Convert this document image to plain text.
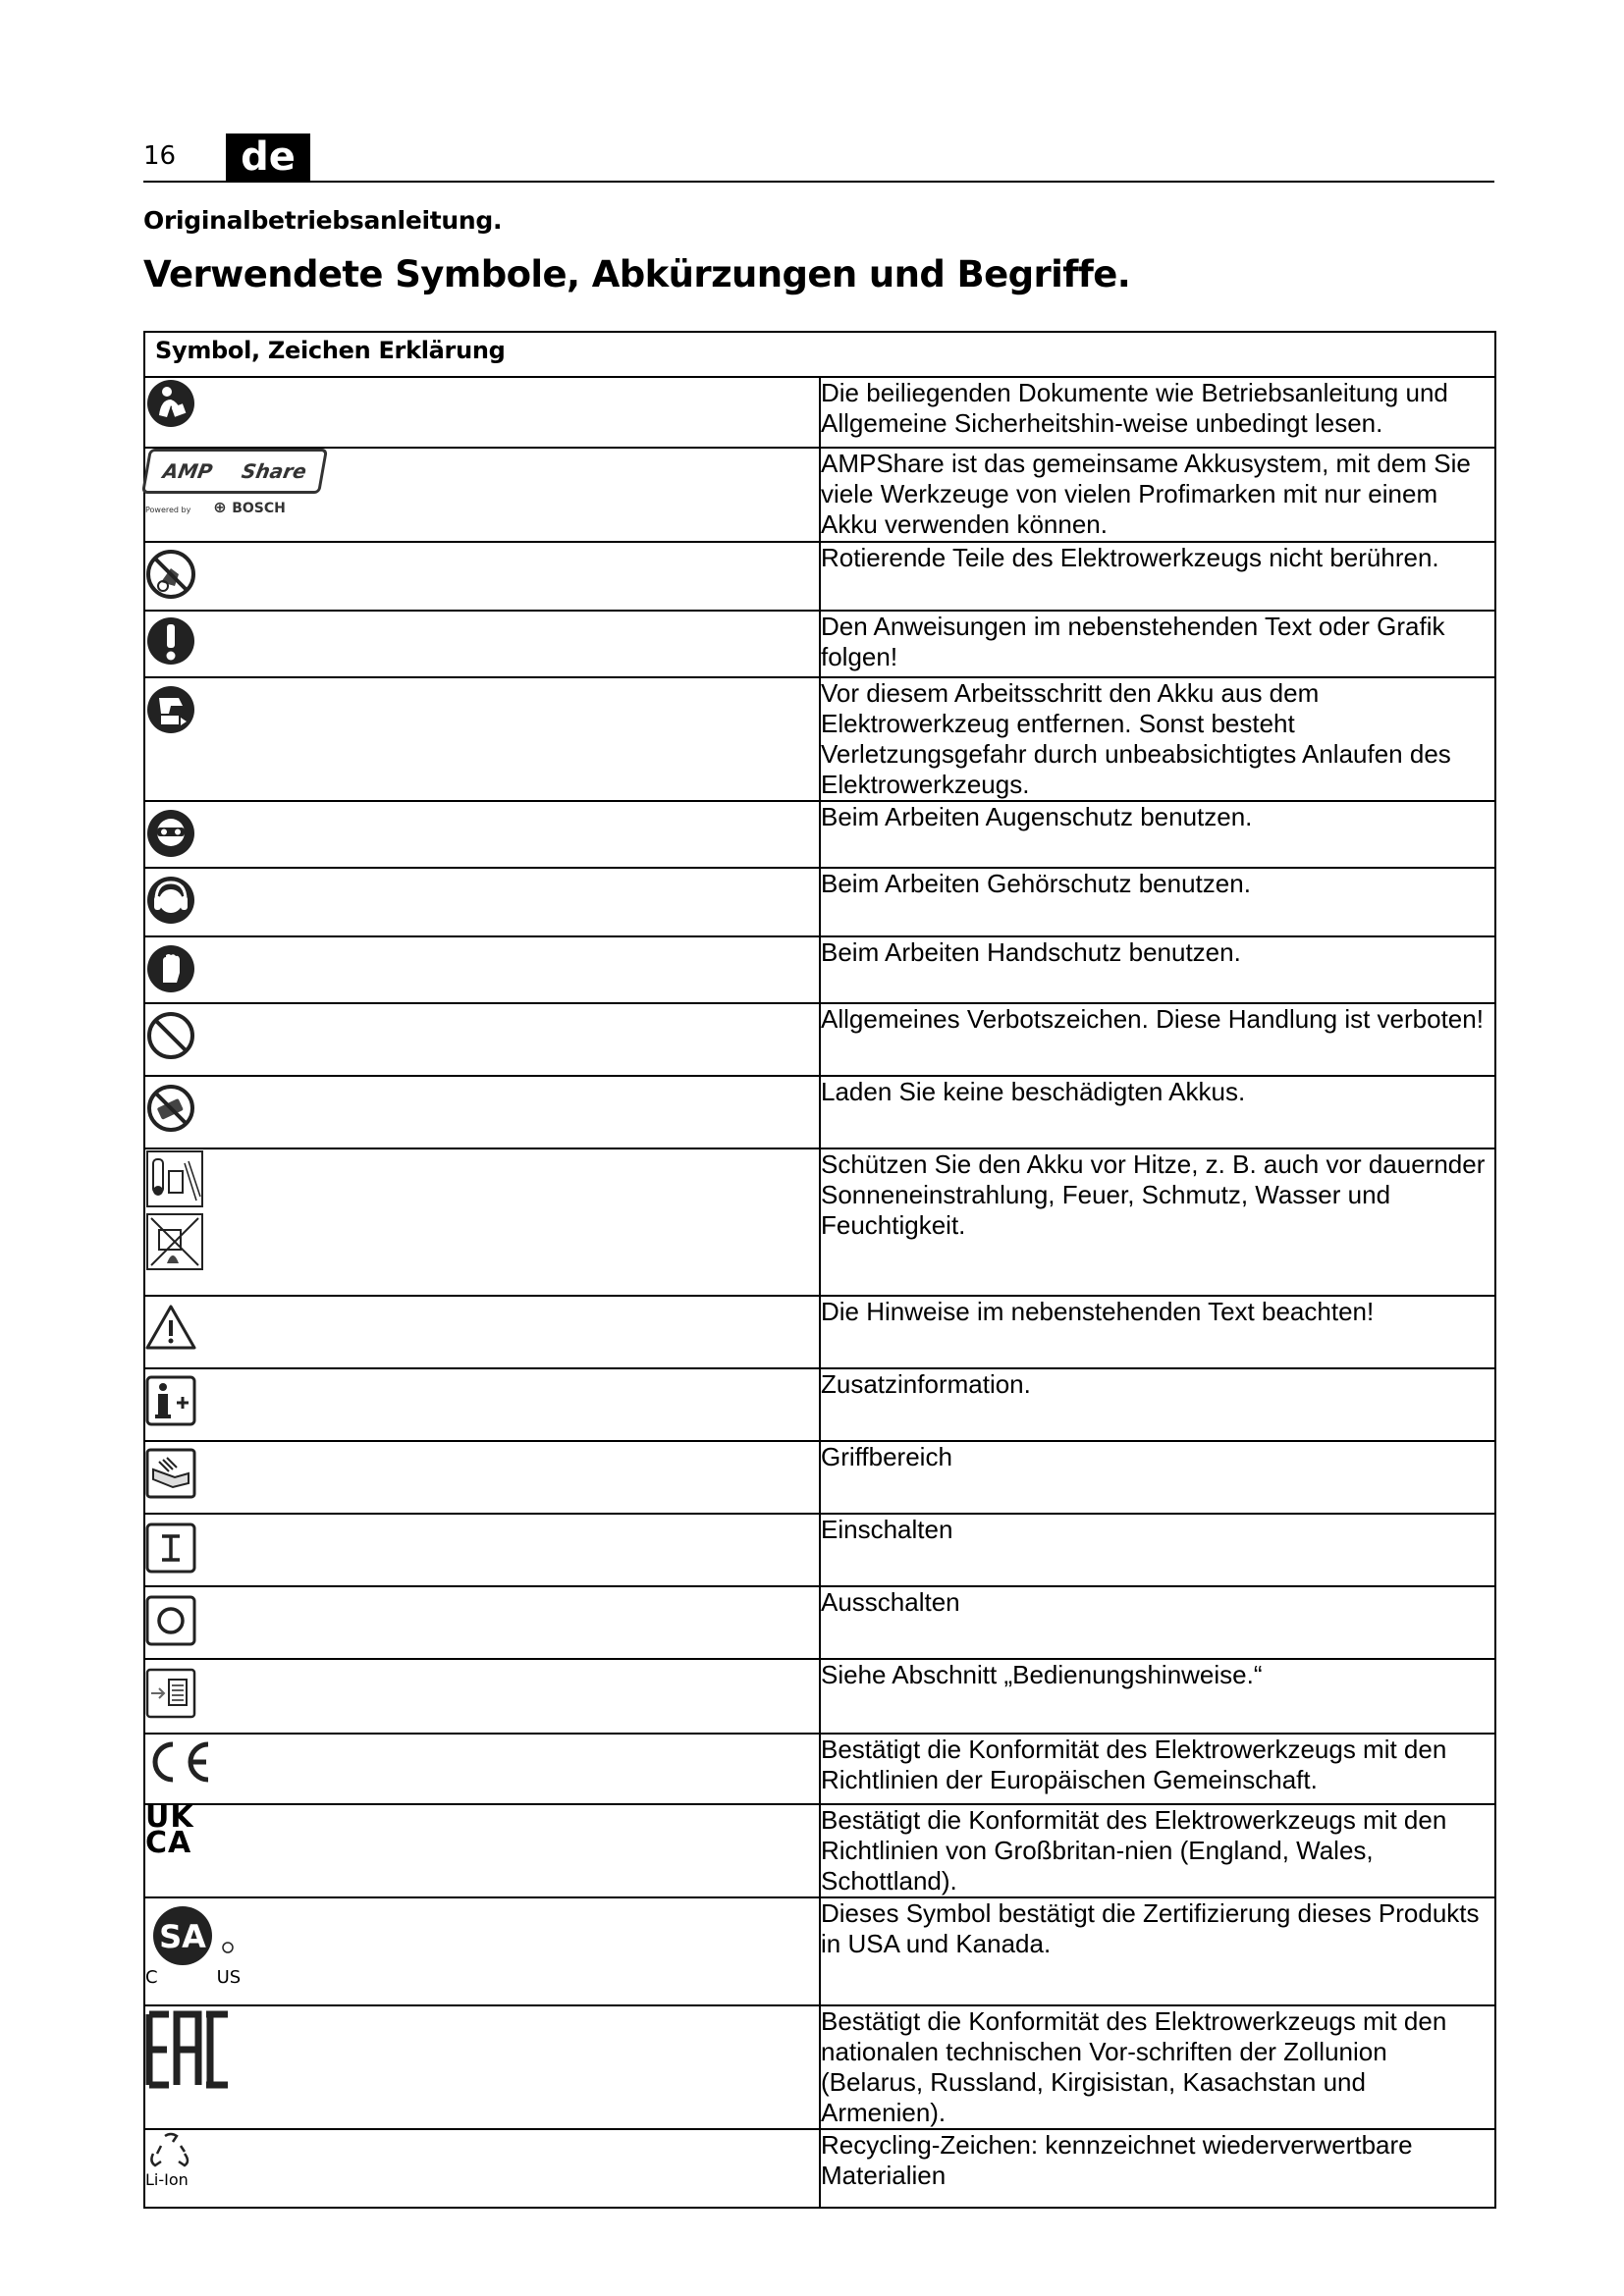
16	de
Originalbetriebsanleitung.
Verwendete Symbole, Abkürzungen und Begriffe.
Symbol, Zeichen Erklärung	

	Die beiliegenden Dokumente wie Betriebsanleitung und Allgemeine Sicherheitshin-weise unbedingt lesen.

AMP Share
Powered by ⊕ BOSCH	AMPShare ist das gemeinsame Akkusystem, mit dem Sie viele Werkzeuge von vielen Profimarken mit nur einem Akku verwenden können.

	Rotierende Teile des Elektrowerkzeugs nicht berühren.

	Den Anweisungen im nebenstehenden Text oder Grafik folgen!

	Vor diesem Arbeitsschritt den Akku aus dem Elektrowerkzeug entfernen. Sonst besteht Verletzungsgefahr durch unbeabsichtigtes Anlaufen des Elektrowerkzeugs.

	Beim Arbeiten Augenschutz benutzen.

	Beim Arbeiten Gehörschutz benutzen.

	Beim Arbeiten Handschutz benutzen.

	Allgemeines Verbotszeichen. Diese Handlung ist verboten!

	Laden Sie keine beschädigten Akkus.
	Schützen Sie den Akku vor Hitze, z. B. auch vor dauernder Sonneneinstrahlung, Feuer, Schmutz, Wasser und Feuchtigkeit.

	Die Hinweise im nebenstehenden Text beachten!

	Zusatzinformation.

	Griffbereich

	Einschalten

	Ausschalten

	Siehe Abschnitt „Bedienungshinweise.“
	Bestätigt die Konformität des Elektrowerkzeugs mit den Richtlinien der Europäischen Gemeinschaft.

UK
CA	Bestätigt die Konformität des Elektrowerkzeugs mit den Richtlinien von Großbritan-nien (England, Wales, Schottland).

SA
C US	Dieses Symbol bestätigt die Zertifizierung dieses Produkts in USA und Kanada.
	Bestätigt die Konformität des Elektrowerkzeugs mit den nationalen technischen Vor-schriften der Zollunion (Belarus, Russland, Kirgisistan, Kasachstan und Armenien).

Li-Ion	Recycling-Zeichen: kennzeichnet wiederverwertbare Materialien
